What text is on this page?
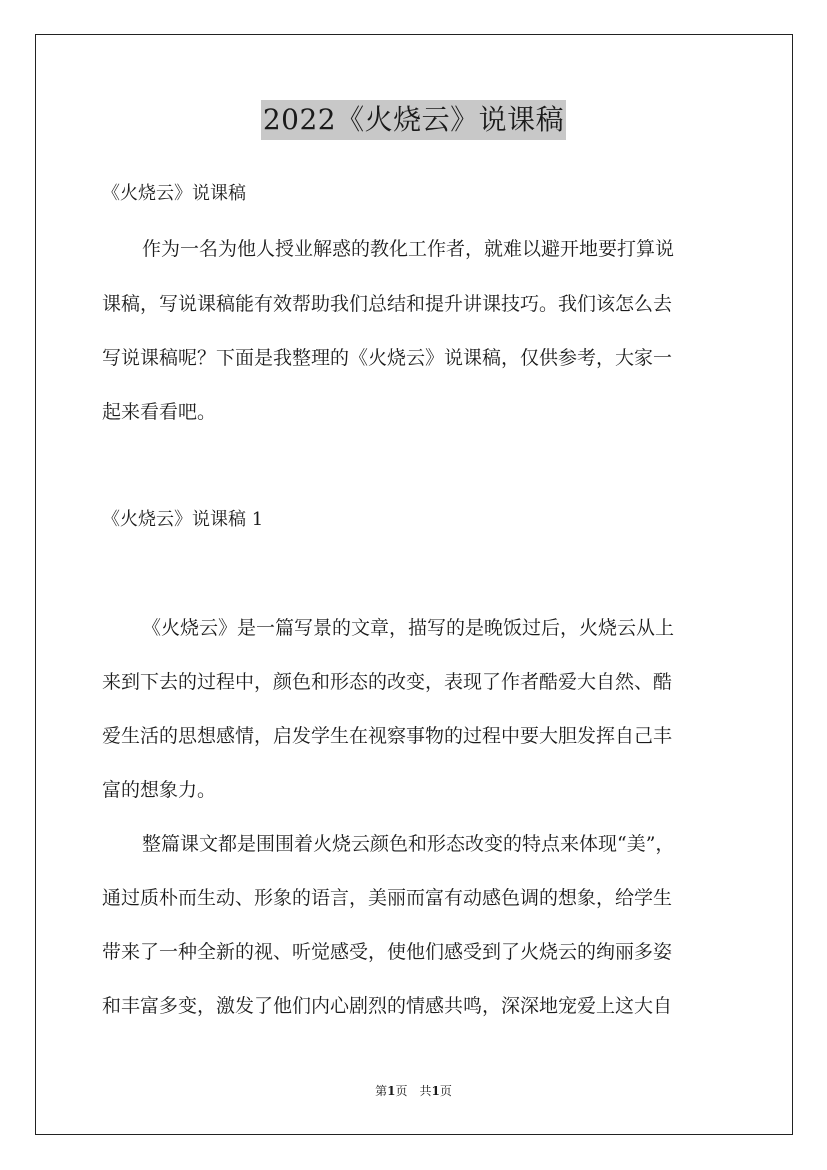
2022《火烧云》说课稿
《火烧云》说课稿
作为一名为他人授业解惑的教化工作者，就难以避开地要打算说
课稿，写说课稿能有效帮助我们总结和提升讲课技巧。我们该怎么去
写说课稿呢？下面是我整理的《火烧云》说课稿，仅供参考，大家一
起来看看吧。
《火烧云》说课稿 1
《火烧云》是一篇写景的文章，描写的是晚饭过后，火烧云从上
来到下去的过程中，颜色和形态的改变，表现了作者酷爱大自然、酷
爱生活的思想感情，启发学生在视察事物的过程中要大胆发挥自己丰
富的想象力。
整篇课文都是围围着火烧云颜色和形态改变的特点来体现“美”，
通过质朴而生动、形象的语言，美丽而富有动感色调的想象，给学生
带来了一种全新的视、听觉感受，使他们感受到了火烧云的绚丽多姿
和丰富多变，激发了他们内心剧烈的情感共鸣，深深地宠爱上这大自
第1页　共1页
